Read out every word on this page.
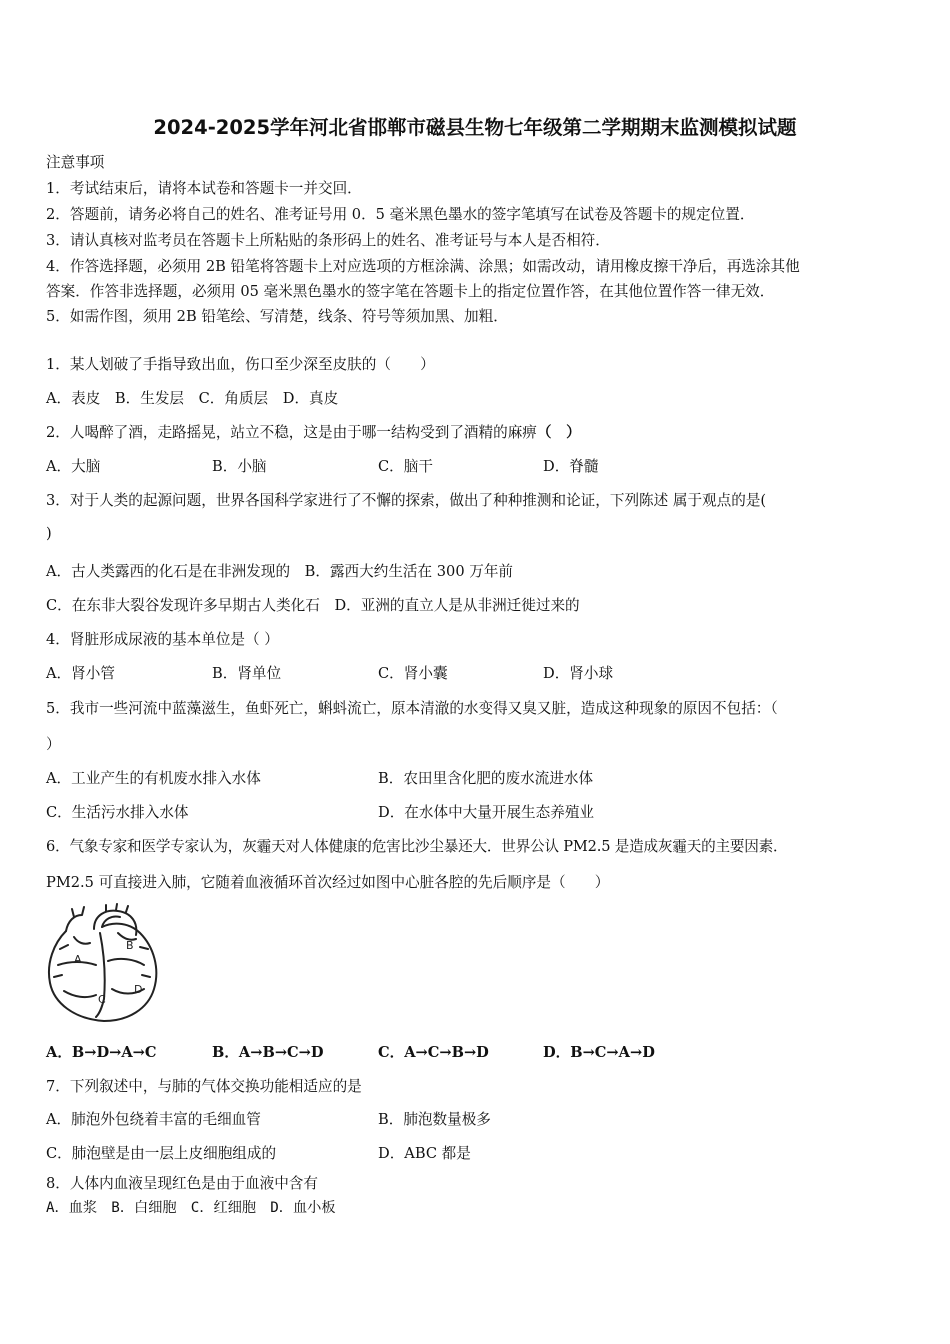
2024-2025学年河北省邯郸市磁县生物七年级第二学期期末监测模拟试题
注意事项
1．考试结束后，请将本试卷和答题卡一并交回．
2．答题前，请务必将自己的姓名、准考证号用 0．5 毫米黑色墨水的签字笔填写在试卷及答题卡的规定位置．
3．请认真核对监考员在答题卡上所粘贴的条形码上的姓名、准考证号与本人是否相符．
4．作答选择题，必须用 2B 铅笔将答题卡上对应选项的方框涂满、涂黑；如需改动，请用橡皮擦干净后，再选涂其他
答案．作答非选择题，必须用 05 毫米黑色墨水的签字笔在答题卡上的指定位置作答，在其他位置作答一律无效．
5．如需作图，须用 2B 铅笔绘、写清楚，线条、符号等须加黑、加粗．
1．某人划破了手指导致出血，伤口至少深至皮肤的（　　）
A．表皮　B．生发层　C．角质层　D．真皮
2．人喝醉了酒，走路摇晃，站立不稳，这是由于哪一结构受到了酒精的麻痹（　）
A．大脑	B．小脑	C．脑干	D．脊髓
3．对于人类的起源问题，世界各国科学家进行了不懈的探索，做出了种种推测和论证，下列陈述 属于观点的是(
)
A．古人类露西的化石是在非洲发现的　B．露西大约生活在 300 万年前
C．在东非大裂谷发现许多早期古人类化石　D．亚洲的直立人是从非洲迁徙过来的
4．肾脏形成尿液的基本单位是（ ）
A．肾小管	B．肾单位	C．肾小囊	D．肾小球
5．我市一些河流中蓝藻滋生，鱼虾死亡，蝌蚪流亡，原本清澈的水变得又臭又脏，造成这种现象的原因不包括：（
）
A．工业产生的有机废水排入水体	B．农田里含化肥的废水流进水体
C．生活污水排入水体	D．在水体中大量开展生态养殖业
6．气象专家和医学专家认为，灰霾天对人体健康的危害比沙尘暴还大．世界公认 PM2.5 是造成灰霾天的主要因素．
PM2.5 可直接进入肺，它随着血液循环首次经过如图中心脏各腔的先后顺序是（　　）
A
B
C
D
A．B→D→A→C	B．A→B→C→D	C．A→C→B→D	D．B→C→A→D
7．下列叙述中，与肺的气体交换功能相适应的是
A．肺泡外包绕着丰富的毛细血管	B．肺泡数量极多
C．肺泡壁是由一层上皮细胞组成的	D．ABC 都是
8．人体内血液呈现红色是由于血液中含有
A．血浆　B．白细胞　C．红细胞　D．血小板
